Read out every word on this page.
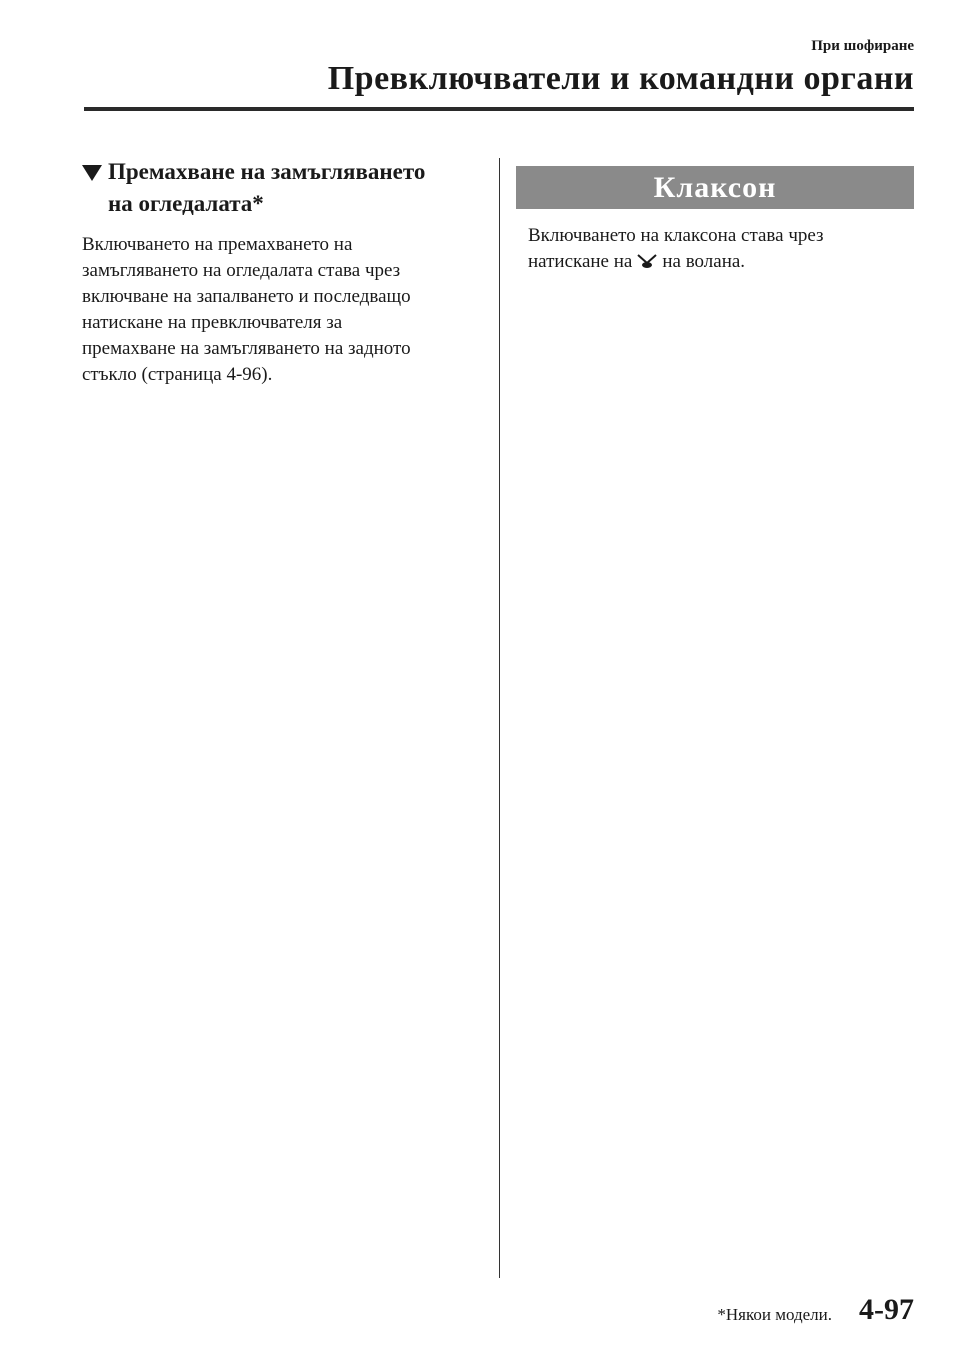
При шофиране
Превключватели и командни органи
Премахване на замъгляването
на огледалата*

Включването на премахването на
замъгляването на огледалата става чрез
включване на запалването и последващо
натискане на превключвателя за
премахване на замъгляването на задното
стъкло (страница 4-96).

Клаксон

Включването на клаксона става чрез
натискане на на волана.

*Някои модели. 4-97
